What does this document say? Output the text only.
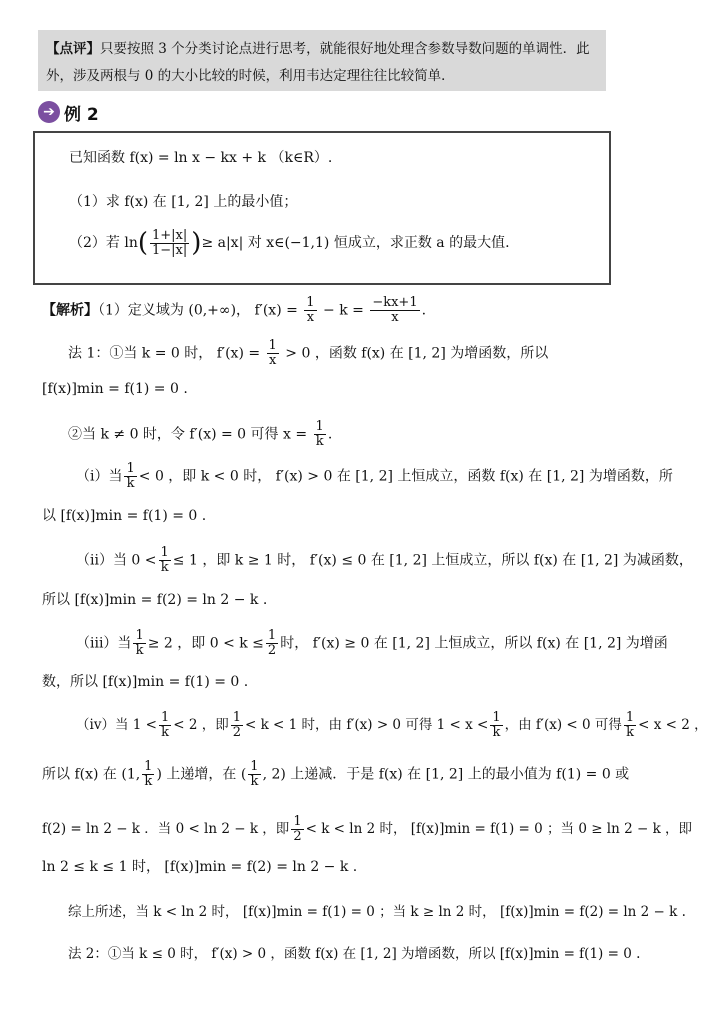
【点评】只要按照 3 个分类讨论点进行思考，就能很好地处理含参数导数问题的单调性．此外，涉及两根与 0 的大小比较的时候，利用韦达定理往往比较简单．
➔ 例 2
已知函数 f(x) = ln x − kx + k （k∈R）.
（1）求 f(x) 在 [1, 2] 上的最小值；
（2）若 $\ln( \frac{1+|x|}{1-|x|}$ )≥ a|x| 对 x∈(−1,1) 恒成立，求正数 a 的最大值.
【解析】（1）定义域为 (0,+∞)， $f'(x) = \frac{1}{x} - k = \frac{-kx+1}{x}$ .
法 1：①当 k = 0 时， $f'(x) = \frac{1}{x} > 0$ ，函数 f(x) 在 [1, 2] 为增函数，所以
[f(x)]min = f(1) = 0 .
②当 k ≠ 0 时，令 f′(x) = 0 可得 $x = \frac{1}{k}$ .
（i）当 $\frac{1}{k} < 0$ ，即 k < 0 时， f′(x) > 0 在 [1, 2] 上恒成立，函数 f(x) 在 [1, 2] 为增函数，所
以 [f(x)]min = f(1) = 0 .
（ii）当 $0 < \frac{1}{k} \le 1$ ，即 k ≥ 1 时， f′(x) ≤ 0 在 [1, 2] 上恒成立，所以 f(x) 在 [1, 2] 为减函数，
所以 [f(x)]min = f(2) = ln 2 − k .
（iii）当 $\frac{1}{k} \ge 2$ ，即 $0 < k \le \frac{1}{2}$ 时， f′(x) ≥ 0 在 [1, 2] 上恒成立，所以 f(x) 在 [1, 2] 为增函
数，所以 [f(x)]min = f(1) = 0 .
（iv）当 $1 < \frac{1}{k} < 2$ ，即 $\frac{1}{2} < k < 1$ 时，由 f′(x) > 0 可得 $1 < x < \frac{1}{k}$ ，由 f′(x) < 0 可得 $\frac{1}{k} < x < 2$ ，
所以 f(x) 在 (1, $\frac{1}{k}$ ) 上递增，在 ( $\frac{1}{k}$ , 2) 上递减．于是 f(x) 在 [1, 2] 上的最小值为 f(1) = 0 或
f(2) = ln 2 − k ．当 0 < ln 2 − k ，即 $\frac{1}{2} < k < \ln 2$ 时， [f(x)]min = f(1) = 0 ；当 0 ≥ ln 2 − k ，即
ln 2 ≤ k ≤ 1 时， [f(x)]min = f(2) = ln 2 − k .
综上所述，当 k < ln 2 时， [f(x)]min = f(1) = 0 ；当 k ≥ ln 2 时， [f(x)]min = f(2) = ln 2 − k .
法 2：①当 k ≤ 0 时， f′(x) > 0 ，函数 f(x) 在 [1, 2] 为增函数，所以 [f(x)]min = f(1) = 0 .
